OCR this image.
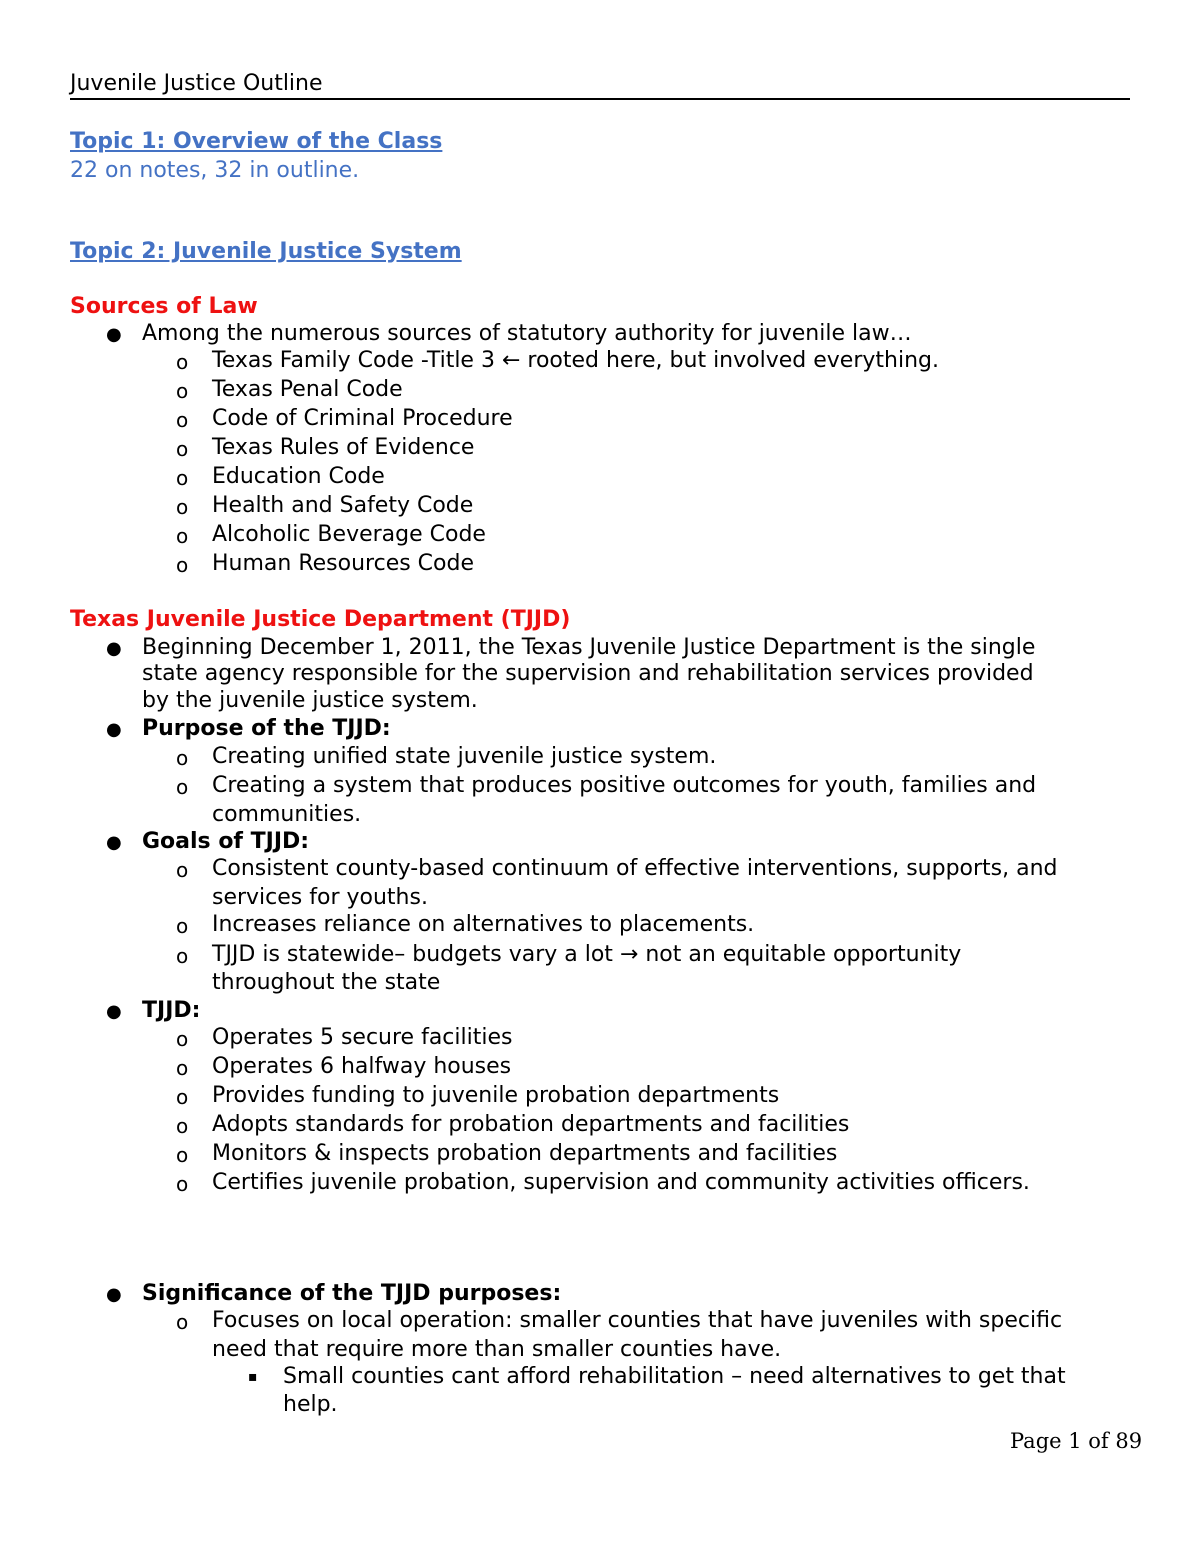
Juvenile Justice Outline
Topic 1: Overview of the Class
22 on notes, 32 in outline.
Topic 2: Juvenile Justice System
Sources of Law
● Among the numerous sources of statutory authority for juvenile law…
o Texas Family Code -Title 3 ← rooted here, but involved everything.
o Texas Penal Code
o Code of Criminal Procedure
o Texas Rules of Evidence
o Education Code
o Health and Safety Code
o Alcoholic Beverage Code
o Human Resources Code
Texas Juvenile Justice Department (TJJD)
● Beginning December 1, 2011, the Texas Juvenile Justice Department is the single
state agency responsible for the supervision and rehabilitation services provided
by the juvenile justice system.
● Purpose of the TJJD:
o Creating unified state juvenile justice system.
o Creating a system that produces positive outcomes for youth, families and
communities.
● Goals of TJJD:
o Consistent county-based continuum of effective interventions, supports, and
services for youths.
o Increases reliance on alternatives to placements.
o TJJD is statewide– budgets vary a lot → not an equitable opportunity
throughout the state
● TJJD:
o Operates 5 secure facilities
o Operates 6 halfway houses
o Provides funding to juvenile probation departments
o Adopts standards for probation departments and facilities
o Monitors & inspects probation departments and facilities
o Certifies juvenile probation, supervision and community activities officers.
● Significance of the TJJD purposes:
o Focuses on local operation: smaller counties that have juveniles with specific
need that require more than smaller counties have.
▪ Small counties cant afford rehabilitation – need alternatives to get that
help.
Page 1 of 89
